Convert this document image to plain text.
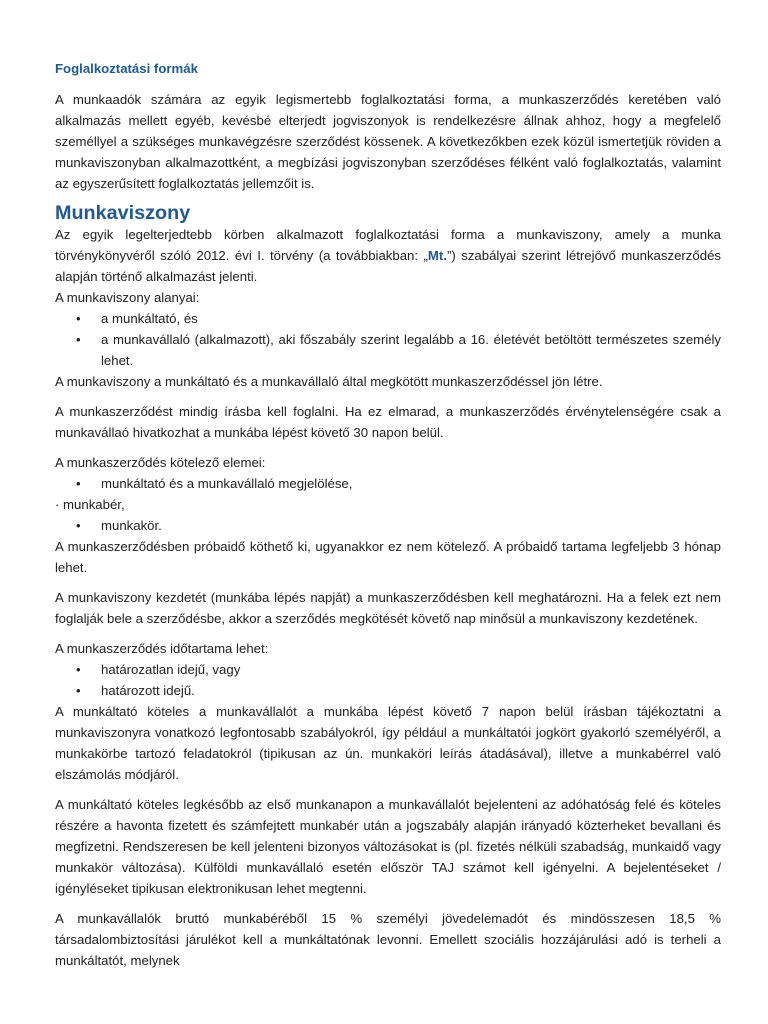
Foglalkoztatási formák

A munkaadók számára az egyik legismertebb foglalkoztatási forma, a munkaszerződés keretében való alkalmazás mellett egyéb, kevésbé elterjedt jogviszonyok is rendelkezésre állnak ahhoz, hogy a megfelelő személlyel a szükséges munkavégzésre szerződést kössenek. A következőkben ezek közül ismertetjük röviden a munkaviszonyban alkalmazottként, a megbízási jogviszonyban szerződéses félként való foglalkoztatás, valamint az egyszerűsített foglalkoztatás jellemzőit is.

Munkaviszony

Az egyik legelterjedtebb körben alkalmazott foglalkoztatási forma a munkaviszony, amely a munka törvénykönyvéről szóló 2012. évi I. törvény (a továbbiakban: „Mt.”) szabályai szerint létrejövő munkaszerződés alapján történő alkalmazást jelenti.

A munkaviszony alanyai:

• a munkáltató, és
• a munkavállaló (alkalmazott), aki főszabály szerint legalább a 16. életévét betöltött természetes személy lehet.

A munkaviszony a munkáltató és a munkavállaló által megkötött munkaszerződéssel jön létre.

A munkaszerződést mindig írásba kell foglalni. Ha ez elmarad, a munkaszerződés érvénytelenségére csak a munkavállaó hivatkozhat a munkába lépést követő 30 napon belül.

A munkaszerződés kötelező elemei:

• munkáltató és a munkavállaló megjelölése,

· munkabér,

• munkakör.

A munkaszerződésben próbaidő köthető ki, ugyanakkor ez nem kötelező. A próbaidő tartama legfeljebb 3 hónap lehet.

A munkaviszony kezdetét (munkába lépés napját) a munkaszerződésben kell meghatározni. Ha a felek ezt nem foglalják bele a szerződésbe, akkor a szerződés megkötését követő nap minősül a munkaviszony kezdetének.

A munkaszerződés időtartama lehet:

• határozatlan idejű, vagy
• határozott idejű.

A munkáltató köteles a munkavállalót a munkába lépést követő 7 napon belül írásban tájékoztatni a munkaviszonyra vonatkozó legfontosabb szabályokról, így például a munkáltatói jogkört gyakorló személyéről, a munkakörbe tartozó feladatokról (tipikusan az ún. munkaköri leírás átadásával), illetve a munkabérrel való elszámolás módjáról.

A munkáltató köteles legkésőbb az első munkanapon a munkavállalót bejelenteni az adóhatóság felé és köteles részére a havonta fizetett és számfejtett munkabér után a jogszabály alapján irányadó közterheket bevallani és megfizetni. Rendszeresen be kell jelenteni bizonyos változásokat is (pl. fizetés nélküli szabadság, munkaidő vagy munkakör változása). Külföldi munkavállaló esetén először TAJ számot kell igényelni. A bejelentéseket / igényléseket tipikusan elektronikusan lehet megtenni.

A munkavállalók bruttó munkabéréből 15 % személyi jövedelemadót és mindösszesen 18,5 % társadalombiztosítási járulékot kell a munkáltatónak levonni. Emellett szociális hozzájárulási adó is terheli a munkáltatót, melynek
